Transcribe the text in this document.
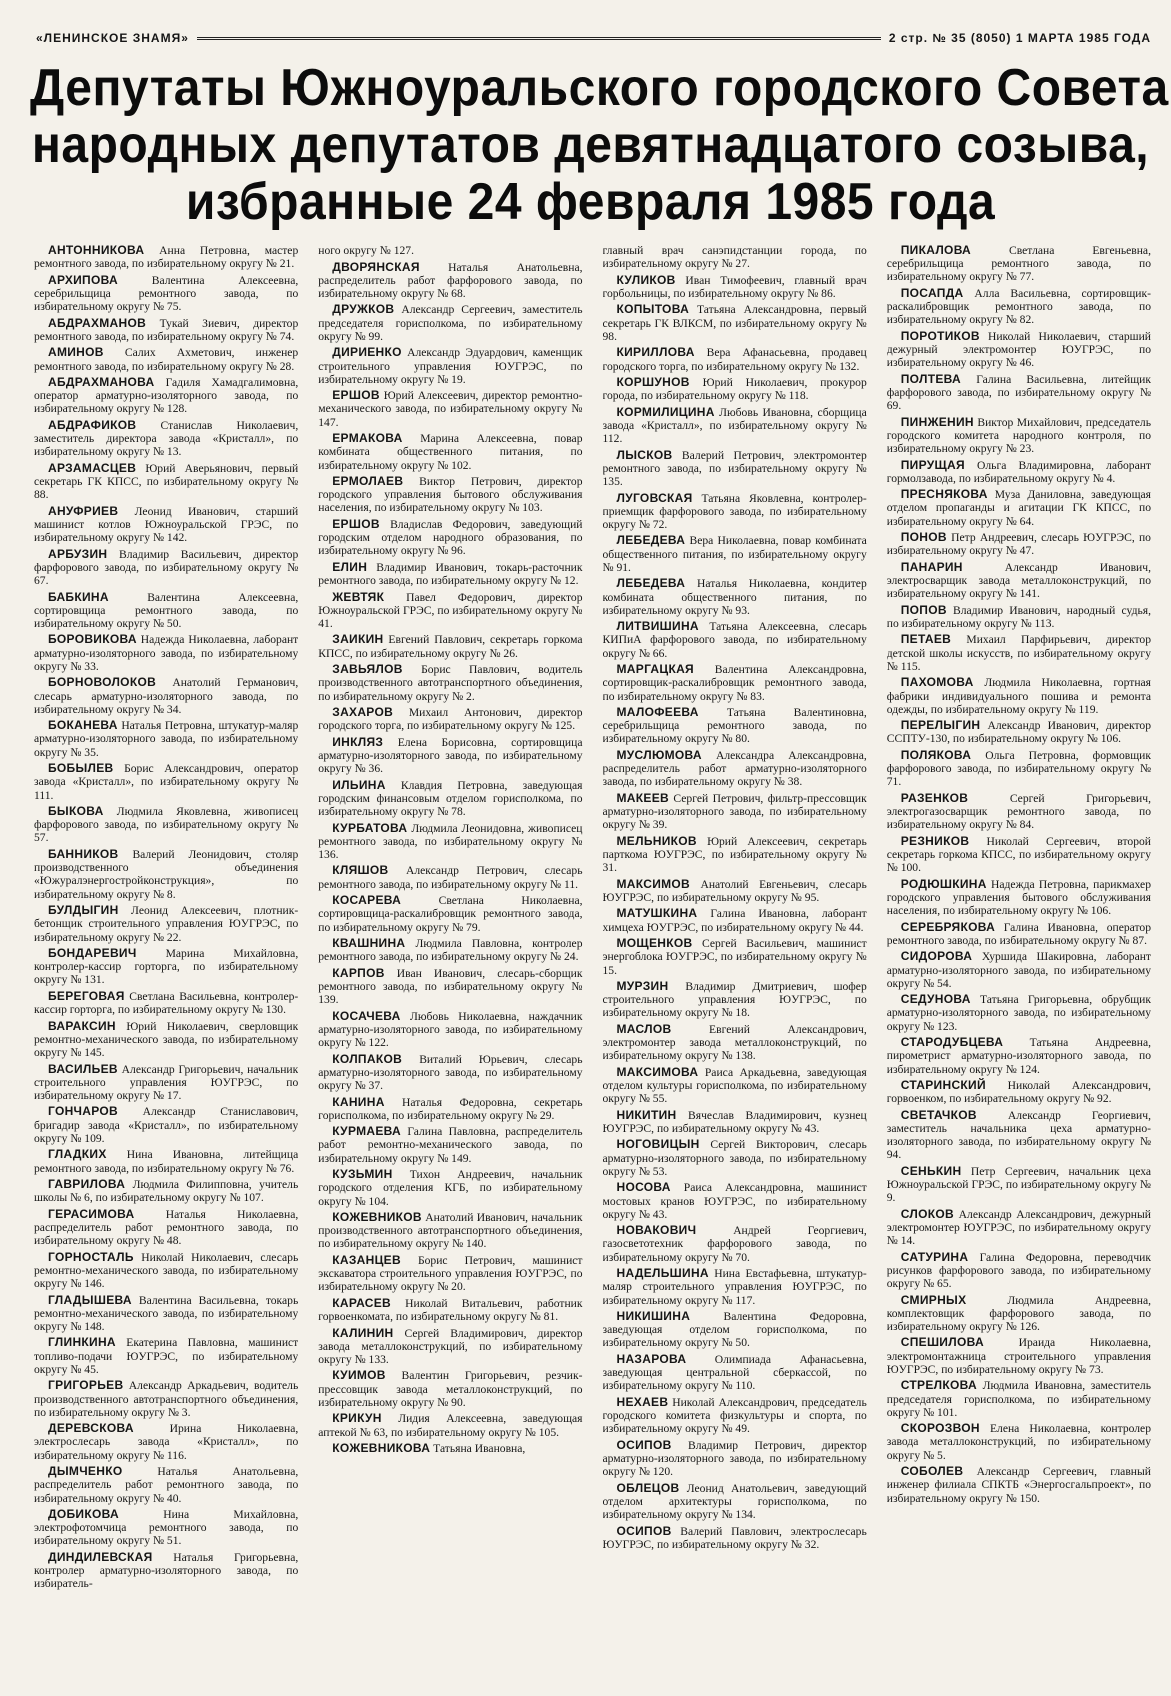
«ЛЕНИНСКОЕ ЗНАМЯ»	2 стр. № 35 (8050) 1 МАРТА 1985 ГОДА
Депутаты Южноуральского городского Совета
народных депутатов девятнадцатого созыва,
избранные 24 февраля 1985 года

АНТОННИКОВА Анна Петровна, мастер ремонтного завода, по избирательному округу № 21.

АРХИПОВА	Валентина Алексеевна, серебрильщица ремонтного завода, по избирательному округу № 75.

АБДРАХМАНОВ Тукай Зиевич, директор ремонтного завода, по избирательному округу № 74.

АМИНОВ Салих Ахметович, инженер ремонтного завода, по избирательному округу № 28.

АБДРАХМАНОВА Гадиля Хамадгалимовна, оператор арматурно-изоляторного завода, по избирательному округу № 128.

АБДРАФИКОВ Станислав Николаевич, заместитель директора завода «Кристалл», по избирательному округу № 13.

АРЗАМАСЦЕВ Юрий Аверьянович, первый секретарь ГК КПСС, по избирательному округу № 88.

АНУФРИЕВ Леонид Иванович, старший машинист котлов Южноуральской ГРЭС, по избирательному округу № 142.

АРБУЗИН Владимир Васильевич, директор фарфорового завода, по избирательному округу № 67.

БАБКИНА	Валентина Алексеевна, сортировщица ремонтного завода, по избирательному округу № 50.

БОРОВИКОВА Надежда Николаевна, лаборант арматурно-изоляторного завода, по избирательному округу № 33.

БОРНОВОЛОКОВ Анатолий Германович, слесарь арматурно-изоляторного завода, по избирательному округу № 34.

БОКАНЕВА Наталья Петровна, штукатур-маляр арматурно-изоляторного завода, по избирательному округу № 35.

БОБЫЛЕВ Борис Александрович, оператор завода «Кристалл», по избирательному округу № 111.

БЫКОВА Людмила Яковлевна, живописец фарфорового завода, по избирательному округу № 57.

БАННИКОВ Валерий Леонидович, столяр производственного объединения «Южуралэнергостройконструкция», по избирательному округу № 8.

БУЛДЫГИН Леонид Алексеевич, плотник-бетонщик строительного управления ЮУГРЭС, по избирательному округу № 22.

БОНДАРЕВИЧ	Марина Михайловна, контролер-кассир горторга, по избирательному округу № 131.

БЕРЕГОВАЯ Светлана Васильевна, контролер-кассир горторга, по избирательному округу № 130.

ВАРАКСИН Юрий Николаевич, сверловщик ремонтно-механического завода, по избирательному округу № 145.

ВАСИЛЬЕВ Александр Григорьевич, начальник строительного управления ЮУГРЭС, по избирательному округу № 17.

ГОНЧАРОВ Александр Станиславович, бригадир завода «Кристалл», по избирательному округу № 109.

ГЛАДКИХ Нина Ивановна, литейщица ремонтного завода, по избирательному округу № 76.

ГАВРИЛОВА Людмила Филипповна, учитель школы № 6, по избирательному округу № 107.

ГЕРАСИМОВА	Наталья Николаевна, распределитель работ ремонтного завода, по избирательному округу № 48.

ГОРНОСТАЛЬ Николай Николаевич, слесарь ремонтно-механического завода, по избирательному округу № 146.

ГЛАДЫШЕВА Валентина Васильевна, токарь ремонтно-механического завода, по избирательному округу № 148.

ГЛИНКИНА Екатерина Павловна, машинист топливо-подачи ЮУГРЭС, по избирательному округу № 45.

ГРИГОРЬЕВ Александр Аркадьевич, водитель производственного автотранспортного объединения, по избирательному округу № 3.

ДЕРЕВСКОВА	Ирина Николаевна, электрослесарь завода «Кристалл», по избирательному округу № 116.

ДЫМЧЕНКО	Наталья Анатольевна, распределитель работ ремонтного завода, по избирательному округу № 40.

ДОБИКОВА	Нина Михайловна, электрофотомчица ремонтного завода, по избирательному округу № 51.

ДИНДИЛЕВСКАЯ Наталья Григорьевна, контролер арматурно-изоляторного завода, по избиратель-

ного округу № 127.

ДВОРЯНСКАЯ Наталья Анатольевна, распределитель работ фарфорового завода, по избирательному округу № 68.

ДРУЖКОВ Александр Сергеевич, заместитель председателя горисполкома, по избирательному округу № 99.

ДИРИЕНКО Александр Эдуардович, каменщик строительного управления ЮУГРЭС, по избирательному округу № 19.

ЕРШОВ Юрий Алексеевич, директор ремонтно-механического завода, по избирательному округу № 147.

ЕРМАКОВА Марина Алексеевна, повар комбината общественного питания, по избирательному округу № 102.

ЕРМОЛАЕВ Виктор Петрович, директор городского управления бытового обслуживания населения, по избирательному округу № 103.

ЕРШОВ Владислав Федорович, заведующий городским отделом народного образования, по избирательному округу № 96.

ЕЛИН Владимир Иванович, токарь-расточник ремонтного завода, по избирательному округу № 12.

ЖЕВТЯК Павел Федорович, директор Южноуральской ГРЭС, по избирательному округу № 41.

ЗАИКИН Евгений Павлович, секретарь горкома КПСС, по избирательному округу № 26.

ЗАВЬЯЛОВ Борис Павлович, водитель производственного автотранспортного объединения, по избирательному округу № 2.

ЗАХАРОВ Михаил Антонович, директор городского торга, по избирательному округу № 125.

ИНКЛЯЗ Елена Борисовна, сортировщица арматурно-изоляторного завода, по избирательному округу № 36.

ИЛЬИНА Клавдия Петровна, заведующая городским финансовым отделом горисполкома, по избирательному округу № 78.

КУРБАТОВА Людмила Леонидовна, живописец ремонтного завода, по избирательному округу № 136.

КЛЯШОВ Александр Петрович, слесарь ремонтного завода, по избирательному округу № 11.

КОСАРЕВА	Светлана Николаевна, сортировщица-раскалибровщик ремонтного завода, по избирательному округу № 79.

КВАШНИНА Людмила Павловна, контролер ремонтного завода, по избирательному округу № 24.

КАРПОВ Иван Иванович, слесарь-сборщик ремонтного завода, по избирательному округу № 139.

КОСАЧЕВА Любовь Николаевна, наждачник арматурно-изоляторного завода, по избирательному округу № 122.

КОЛПАКОВ Виталий Юрьевич, слесарь арматурно-изоляторного завода, по избирательному округу № 37.

КАНИНА Наталья Федоровна, секретарь горисполкома, по избирательному округу № 29.

КУРМАЕВА Галина Павловна, распределитель работ ремонтно-механического завода, по избирательному округу № 149.

КУЗЬМИН Тихон Андреевич, начальник городского отделения КГБ, по избирательному округу № 104.

КОЖЕВНИКОВ Анатолий Иванович, начальник производственного автотранспортного объединения, по избирательному округу № 140.

КАЗАНЦЕВ Борис Петрович, машинист экскаватора строительного управления ЮУГРЭС, по избирательному округу № 20.

КАРАСЕВ Николай Витальевич, работник горвоенкомата, по избирательному округу № 81.

КАЛИНИН Сергей Владимирович, директор завода металлоконструкций, по избирательному округу № 133.

КУИМОВ Валентин Григорьевич, резчик-прессовщик завода металлоконструкций, по избирательному округу № 90.

КРИКУН Лидия Алексеевна, заведующая аптекой № 63, по избирательному округу № 105.

КОЖЕВНИКОВА Татьяна Ивановна,

главный врач санэпидстанции города, по избирательному округу № 27.

КУЛИКОВ Иван Тимофеевич, главный врач горбольницы, по избирательному округу № 86.

КОПЫТОВА Татьяна Александровна, первый секретарь ГК ВЛКСМ, по избирательному округу № 98.

КИРИЛЛОВА Вера Афанасьевна, продавец городского торга, по избирательному округу № 132.

КОРШУНОВ Юрий Николаевич, прокурор города, по избирательному округу № 118.

КОРМИЛИЦИНА Любовь Ивановна, сборщица завода «Кристалл», по избирательному округу № 112.

ЛЫСКОВ Валерий Петрович, электромонтер ремонтного завода, по избирательному округу № 135.

ЛУГОВСКАЯ Татьяна Яковлевна, контролер-приемщик фарфорового завода, по избирательному округу № 72.

ЛЕБЕДЕВА Вера Николаевна, повар комбината общественного питания, по избирательному округу № 91.

ЛЕБЕДЕВА Наталья Николаевна, кондитер комбината общественного питания, по избирательному округу № 93.

ЛИТВИШИНА Татьяна Алексеевна, слесарь КИПиА фарфорового завода, по избирательному округу № 66.

МАРГАЦКАЯ Валентина Александровна, сортировщик-раскалибровщик ремонтного завода, по избирательному округу № 83.

МАЛОФЕЕВА Татьяна Валентиновна, серебрильщица ремонтного завода, по избирательному округу № 80.

МУСЛЮМОВА Александра Александровна, распределитель работ арматурно-изоляторного завода, по избирательному округу № 38.

МАКЕЕВ Сергей Петрович, фильтр-прессовщик арматурно-изоляторного завода, по избирательному округу № 39.

МЕЛЬНИКОВ Юрий Алексеевич, секретарь парткома ЮУГРЭС, по избирательному округу № 31.

МАКСИМОВ Анатолий Евгеньевич, слесарь ЮУГРЭС, по избирательному округу № 95.

МАТУШКИНА Галина Ивановна, лаборант химцеха ЮУГРЭС, по избирательному округу № 44.

МОЩЕНКОВ Сергей Васильевич, машинист энергоблока ЮУГРЭС, по избирательному округу № 15.

МУРЗИН Владимир Дмитриевич, шофер строительного управления ЮУГРЭС, по избирательному округу № 18.

МАСЛОВ	Евгений Александрович, электромонтер завода металлоконструкций, по избирательному округу № 138.

МАКСИМОВА Раиса Аркадьевна, заведующая отделом культуры горисполкома, по избирательному округу № 55.

НИКИТИН Вячеслав Владимирович, кузнец ЮУГРЭС, по избирательному округу № 43.

НОГОВИЦЫН Сергей Викторович, слесарь арматурно-изоляторного завода, по избирательному округу № 53.

НОСОВА Раиса Александровна, машинист мостовых кранов ЮУГРЭС, по избирательному округу № 43.

НОВАКОВИЧ	Андрей Георгиевич, газосветотехник фарфорового завода, по избирательному округу № 70.

НАДЕЛЬШИНА Нина Евстафьевна, штукатур-маляр строительного управления ЮУГРЭС, по избирательному округу № 117.

НИКИШИНА	Валентина Федоровна, заведующая отделом горисполкома, по избирательному округу № 50.

НАЗАРОВА Олимпиада Афанасьевна, заведующая центральной сберкассой, по избирательному округу № 110.

НЕХАЕВ Николай Александрович, председатель городского комитета физкультуры и спорта, по избирательному округу № 49.

ОСИПОВ Владимир Петрович, директор арматурно-изоляторного завода, по избирательному округу № 120.

ОБЛЕЦОВ Леонид Анатольевич, заведующий отделом архитектуры горисполкома, по избирательному округу № 134.

ОСИПОВ Валерий Павлович, электрослесарь ЮУГРЭС, по избирательному округу № 32.

ПИКАЛОВА	Светлана Евгеньевна, серебрильщица ремонтного завода, по избирательному округу № 77.

ПОСАПДА Алла Васильевна, сортировщик-раскалибровщик ремонтного завода, по избирательному округу № 82.

ПОРОТИКОВ Николай Николаевич, старший дежурный электромонтер ЮУГРЭС, по избирательному округу № 46.

ПОЛТЕВА Галина Васильевна, литейщик фарфорового завода, по избирательному округу № 69.

ПИНЖЕНИН Виктор Михайлович, председатель городского комитета народного контроля, по избирательному округу № 23.

ПИРУЩАЯ Ольга Владимировна, лаборант гормолзавода, по избирательному округу № 4.

ПРЕСНЯКОВА Муза Даниловна, заведующая отделом пропаганды и агитации ГК КПСС, по избирательному округу № 64.

ПОНОВ Петр Андреевич, слесарь ЮУГРЭС, по избирательному округу № 47.

ПАНАРИН	Александр Иванович, электросварщик завода металлоконструкций, по избирательному округу № 141.

ПОПОВ Владимир Иванович, народный судья, по избирательному округу № 113.

ПЕТАЕВ Михаил Парфирьевич, директор детской школы искусств, по избирательному округу № 115.

ПАХОМОВА Людмила Николаевна, гортная фабрики индивидуального пошива и ремонта одежды, по избирательному округу № 119.

ПЕРЕЛЫГИН Александр Иванович, директор ССПТУ-130, по избирательному округу № 106.

ПОЛЯКОВА Ольга Петровна, формовщик фарфорового завода, по избирательному округу № 71.

РАЗЕНКОВ	Сергей Григорьевич, электрогазосварщик ремонтного завода, по избирательному округу № 84.

РЕЗНИКОВ Николай Сергеевич, второй секретарь горкома КПСС, по избирательному округу № 100.

РОДЮШКИНА Надежда Петровна, парикмахер городского управления бытового обслуживания населения, по избирательному округу № 106.

СЕРЕБРЯКОВА Галина Ивановна, оператор ремонтного завода, по избирательному округу № 87.

СИДОРОВА Хуршида Шакировна, лаборант арматурно-изоляторного завода, по избирательному округу № 54.

СЕДУНОВА Татьяна Григорьевна, обрубщик арматурно-изоляторного завода, по избирательному округу № 123.

СТАРОДУБЦЕВА Татьяна Андреевна, пирометрист арматурно-изоляторного завода, по избирательному округу № 124.

СТАРИНСКИЙ Николай Александрович, горвоенком, по избирательному округу № 92.

СВЕТАЧКОВ	Александр Георгиевич, заместитель начальника цеха арматурно-изоляторного завода, по избирательному округу № 94.

СЕНЬКИН Петр Сергеевич, начальник цеха Южноуральской ГРЭС, по избирательному округу № 9.

СЛОКОВ Александр Александрович, дежурный электромонтер ЮУГРЭС, по избирательному округу № 14.

САТУРИНА Галина Федоровна, переводчик рисунков фарфорового завода, по избирательному округу № 65.

СМИРНЫХ	Людмила Андреевна, комплектовщик фарфорового завода, по избирательному округу № 126.

СПЕШИЛОВА	Ираида Николаевна, электромонтажница строительного управления ЮУГРЭС, по избирательному округу № 73.

СТРЕЛКОВА Людмила Ивановна, заместитель председателя горисполкома, по избирательному округу № 101.

СКОРОЗВОН Елена Николаевна, контролер завода металлоконструкций, по избирательному округу № 5.

СОБОЛЕВ Александр Сергеевич, главный инженер филиала СПКТБ «Энергосгальпроект», по избирательному округу № 150.
